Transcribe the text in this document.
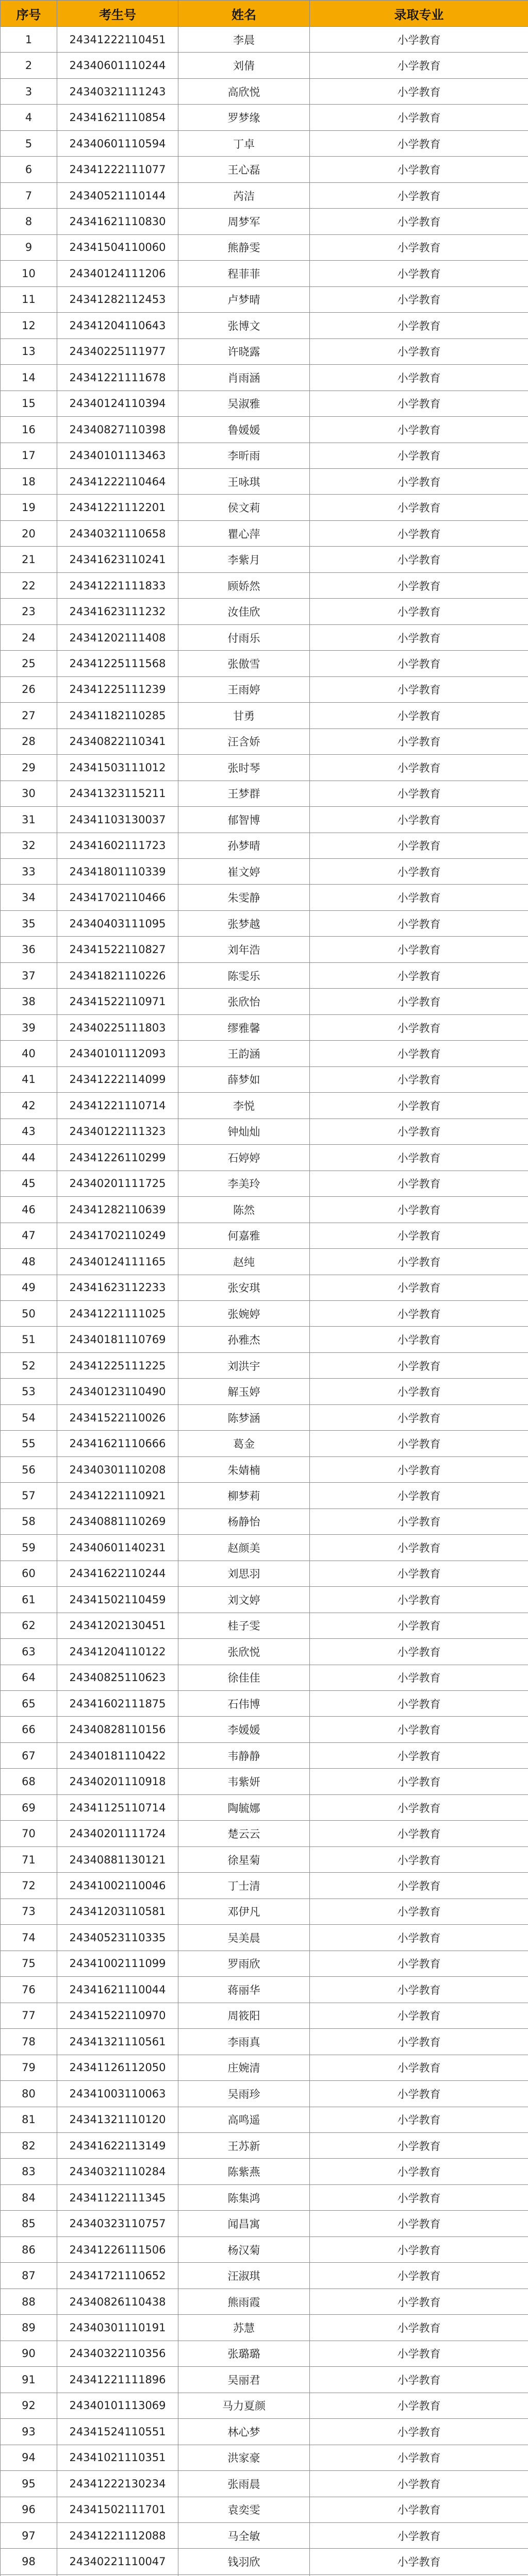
序号	考生号	姓名	录取专业
1	24341222110451	李晨	小学教育
2	24340601110244	刘倩	小学教育
3	24340321111243	高欣悦	小学教育
4	24341621110854	罗梦缘	小学教育
5	24340601110594	丁卓	小学教育
6	24341222111077	王心磊	小学教育
7	24340521110144	芮洁	小学教育
8	24341621110830	周梦军	小学教育
9	24341504110060	熊静雯	小学教育
10	24340124111206	程菲菲	小学教育
11	24341282112453	卢梦晴	小学教育
12	24341204110643	张博文	小学教育
13	24340225111977	许晓露	小学教育
14	24341221111678	肖雨涵	小学教育
15	24340124110394	吴淑雅	小学教育
16	24340827110398	鲁媛媛	小学教育
17	24340101113463	李昕雨	小学教育
18	24341222110464	王咏琪	小学教育
19	24341221112201	侯文莉	小学教育
20	24340321110658	瞿心萍	小学教育
21	24341623110241	李紫月	小学教育
22	24341221111833	顾娇然	小学教育
23	24341623111232	汝佳欣	小学教育
24	24341202111408	付雨乐	小学教育
25	24341225111568	张傲雪	小学教育
26	24341225111239	王雨婷	小学教育
27	24341182110285	甘勇	小学教育
28	24340822110341	汪含娇	小学教育
29	24341503111012	张时琴	小学教育
30	24341323115211	王梦群	小学教育
31	24341103130037	郁智博	小学教育
32	24341602111723	孙梦晴	小学教育
33	24341801110339	崔文婷	小学教育
34	24341702110466	朱雯静	小学教育
35	24340403111095	张梦越	小学教育
36	24341522110827	刘年浩	小学教育
37	24341821110226	陈雯乐	小学教育
38	24341522110971	张欣怡	小学教育
39	24340225111803	缪雅馨	小学教育
40	24340101112093	王韵涵	小学教育
41	24341222114099	薛梦如	小学教育
42	24341221110714	李悦	小学教育
43	24340122111323	钟灿灿	小学教育
44	24341226110299	石婷婷	小学教育
45	24340201111725	李美玲	小学教育
46	24341282110639	陈然	小学教育
47	24341702110249	何嘉雅	小学教育
48	24340124111165	赵纯	小学教育
49	24341623112233	张安琪	小学教育
50	24341221111025	张婉婷	小学教育
51	24340181110769	孙雅杰	小学教育
52	24341225111225	刘洪宇	小学教育
53	24340123110490	解玉婷	小学教育
54	24341522110026	陈梦涵	小学教育
55	24341621110666	葛金	小学教育
56	24340301110208	朱婧楠	小学教育
57	24341221110921	柳梦莉	小学教育
58	24340881110269	杨静怡	小学教育
59	24340601140231	赵颜美	小学教育
60	24341622110244	刘思羽	小学教育
61	24341502110459	刘文婷	小学教育
62	24341202130451	桂子雯	小学教育
63	24341204110122	张欣悦	小学教育
64	24340825110623	徐佳佳	小学教育
65	24341602111875	石伟博	小学教育
66	24340828110156	李媛媛	小学教育
67	24340181110422	韦静静	小学教育
68	24340201110918	韦紫妍	小学教育
69	24341125110714	陶毓娜	小学教育
70	24340201111724	楚云云	小学教育
71	24340881130121	徐星菊	小学教育
72	24341002110046	丁士清	小学教育
73	24341203110581	邓伊凡	小学教育
74	24340523110335	吴美晨	小学教育
75	24341002111099	罗雨欣	小学教育
76	24341621110044	蒋丽华	小学教育
77	24341522110970	周筱阳	小学教育
78	24341321110561	李雨真	小学教育
79	24341126112050	庄婉清	小学教育
80	24341003110063	吴雨珍	小学教育
81	24341321110120	高鸣遥	小学教育
82	24341622113149	王苏新	小学教育
83	24340321110284	陈紫燕	小学教育
84	24341122111345	陈集鸿	小学教育
85	24340323110757	闻昌寓	小学教育
86	24341226111506	杨汉菊	小学教育
87	24341721110652	汪淑琪	小学教育
88	24340826110438	熊雨霞	小学教育
89	24340301110191	苏慧	小学教育
90	24340322110356	张璐璐	小学教育
91	24341221111896	吴丽君	小学教育
92	24340101113069	马力夏颜	小学教育
93	24341524110551	林心梦	小学教育
94	24341021110351	洪家豪	小学教育
95	24341222130234	张雨晨	小学教育
96	24341502111701	袁奕雯	小学教育
97	24341221112088	马全敏	小学教育
98	24340221110047	钱羽欣	小学教育
